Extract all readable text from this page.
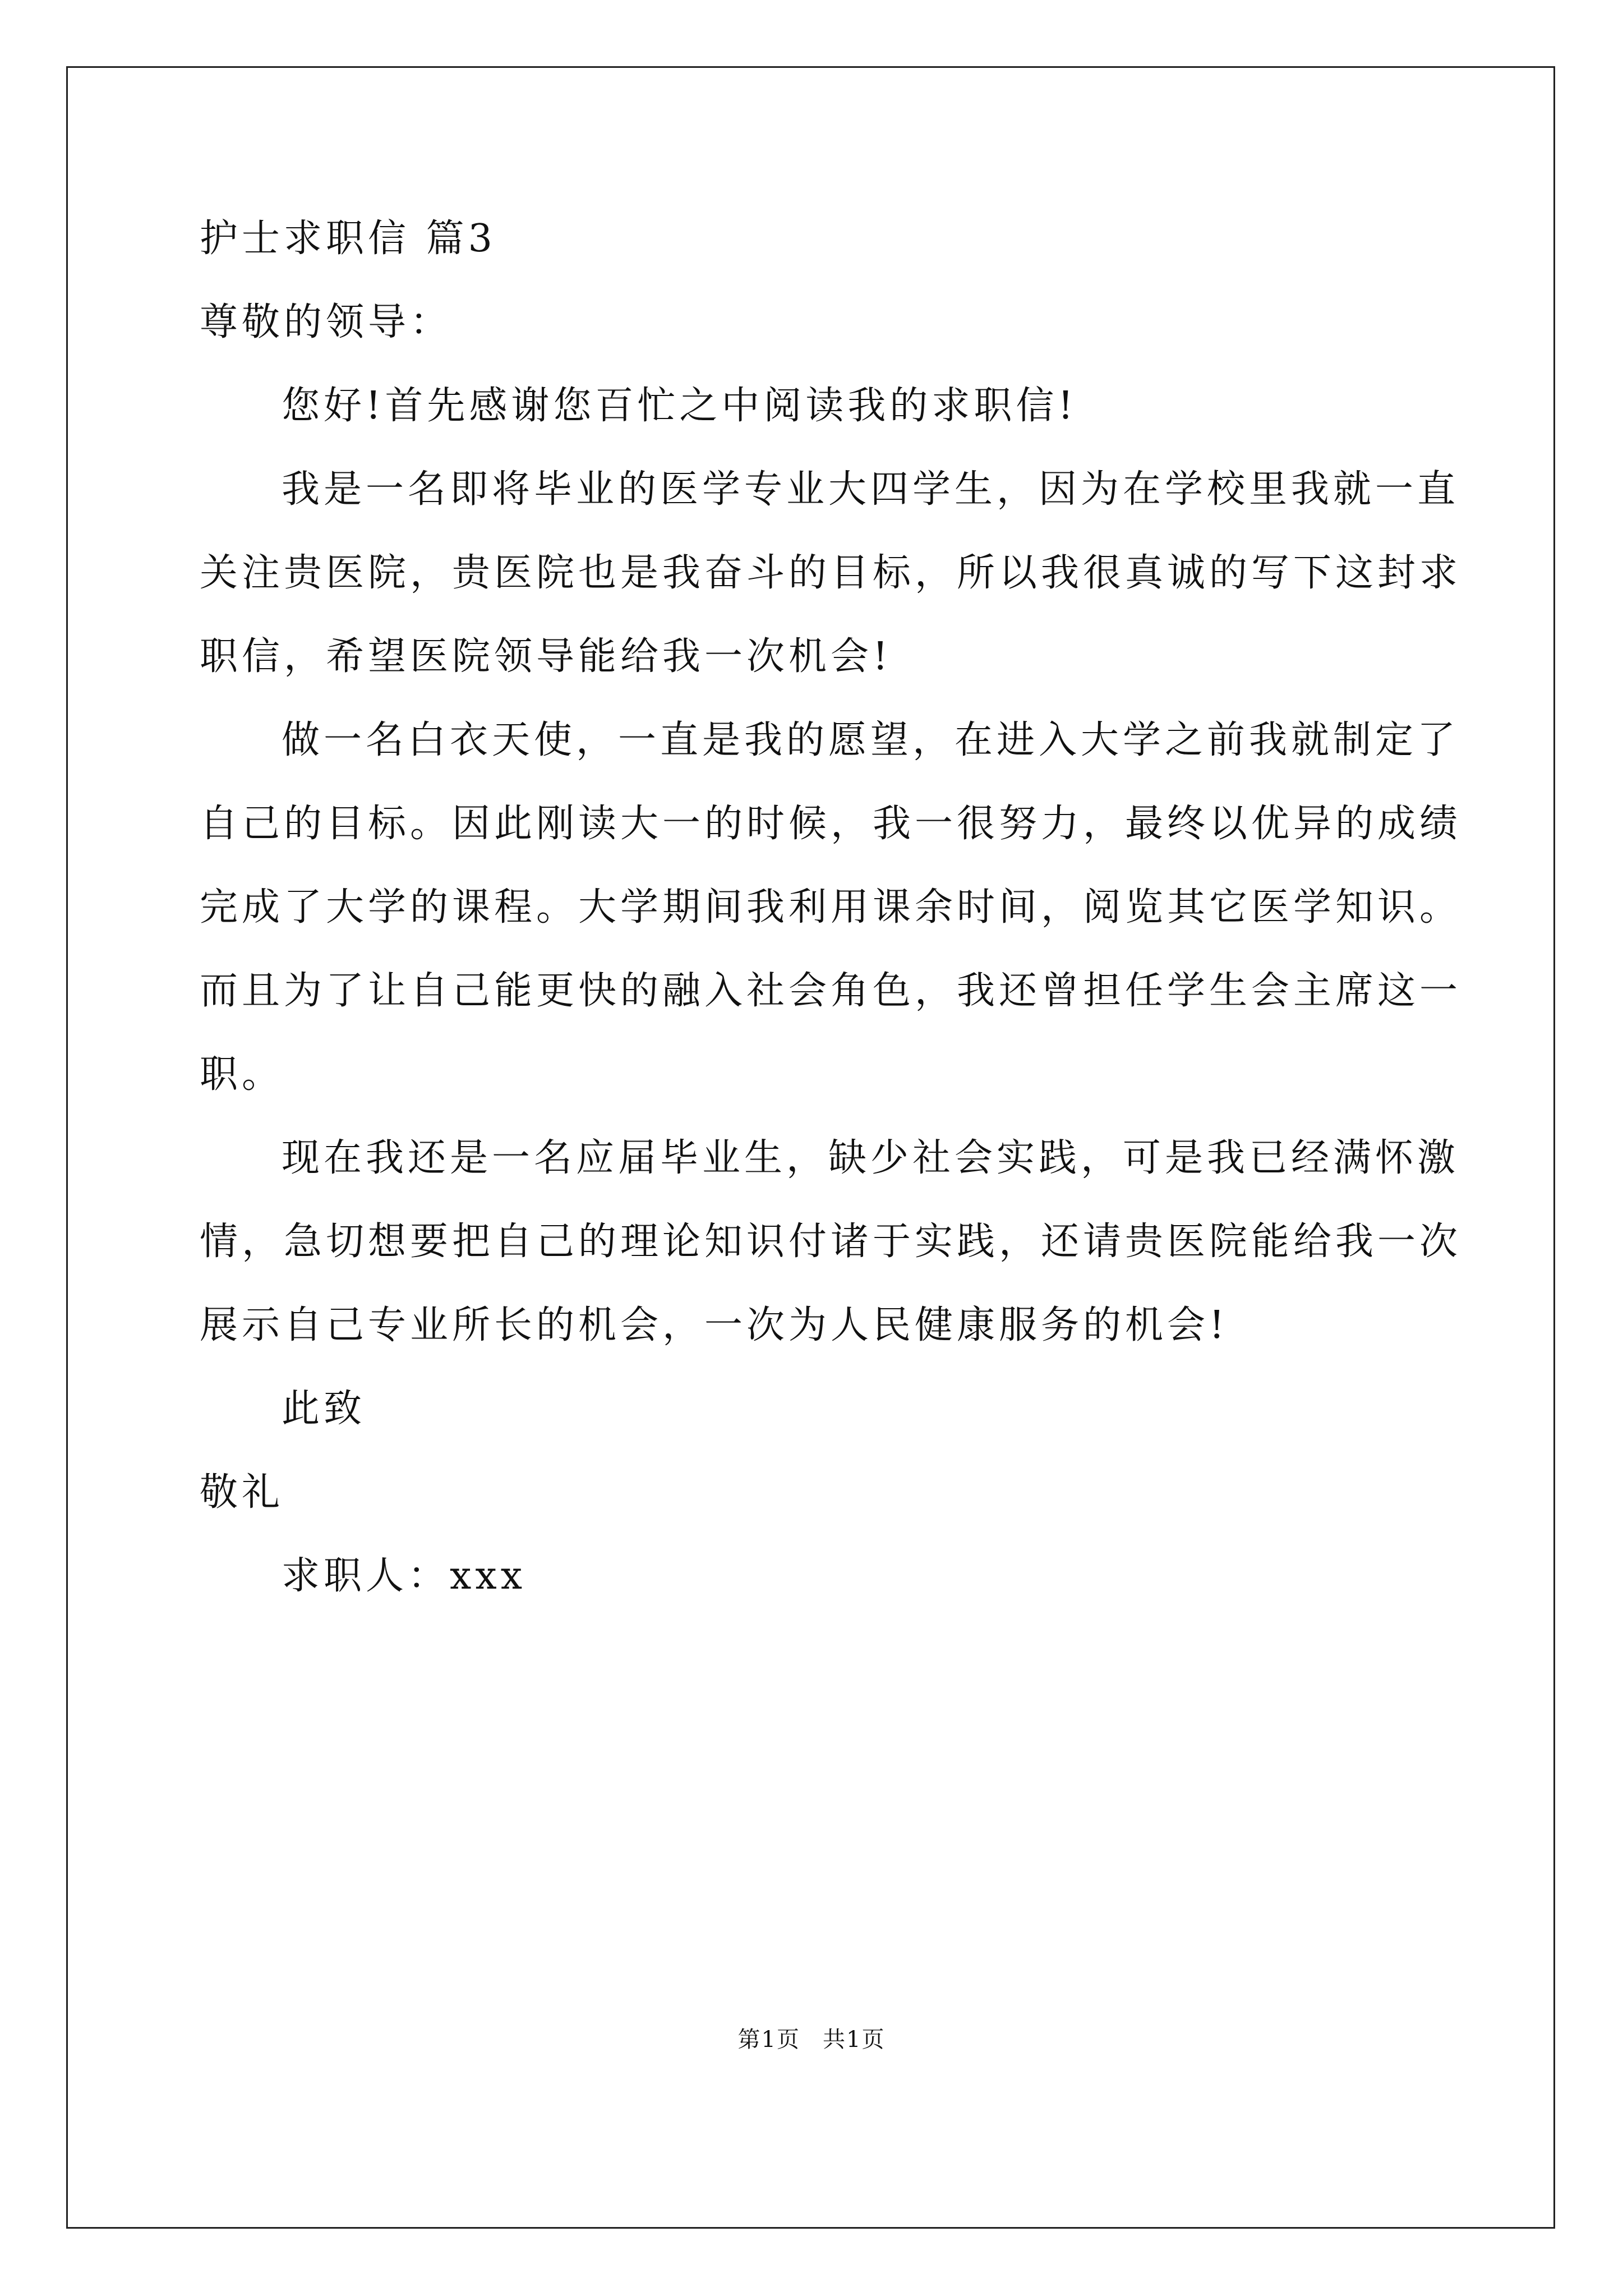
护士求职信 篇3
尊敬的领导：
您好!首先感谢您百忙之中阅读我的求职信!
我是一名即将毕业的医学专业大四学生，因为在学校里我就一直
关注贵医院，贵医院也是我奋斗的目标，所以我很真诚的写下这封求
职信，希望医院领导能给我一次机会!
做一名白衣天使，一直是我的愿望，在进入大学之前我就制定了
自己的目标。因此刚读大一的时候，我一很努力，最终以优异的成绩
完成了大学的课程。大学期间我利用课余时间，阅览其它医学知识。
而且为了让自己能更快的融入社会角色，我还曾担任学生会主席这一
职。
现在我还是一名应届毕业生，缺少社会实践，可是我已经满怀激
情，急切想要把自己的理论知识付诸于实践，还请贵医院能给我一次
展示自己专业所长的机会，一次为人民健康服务的机会!
此致
敬礼
求职人：xxx
第1页 共1页
